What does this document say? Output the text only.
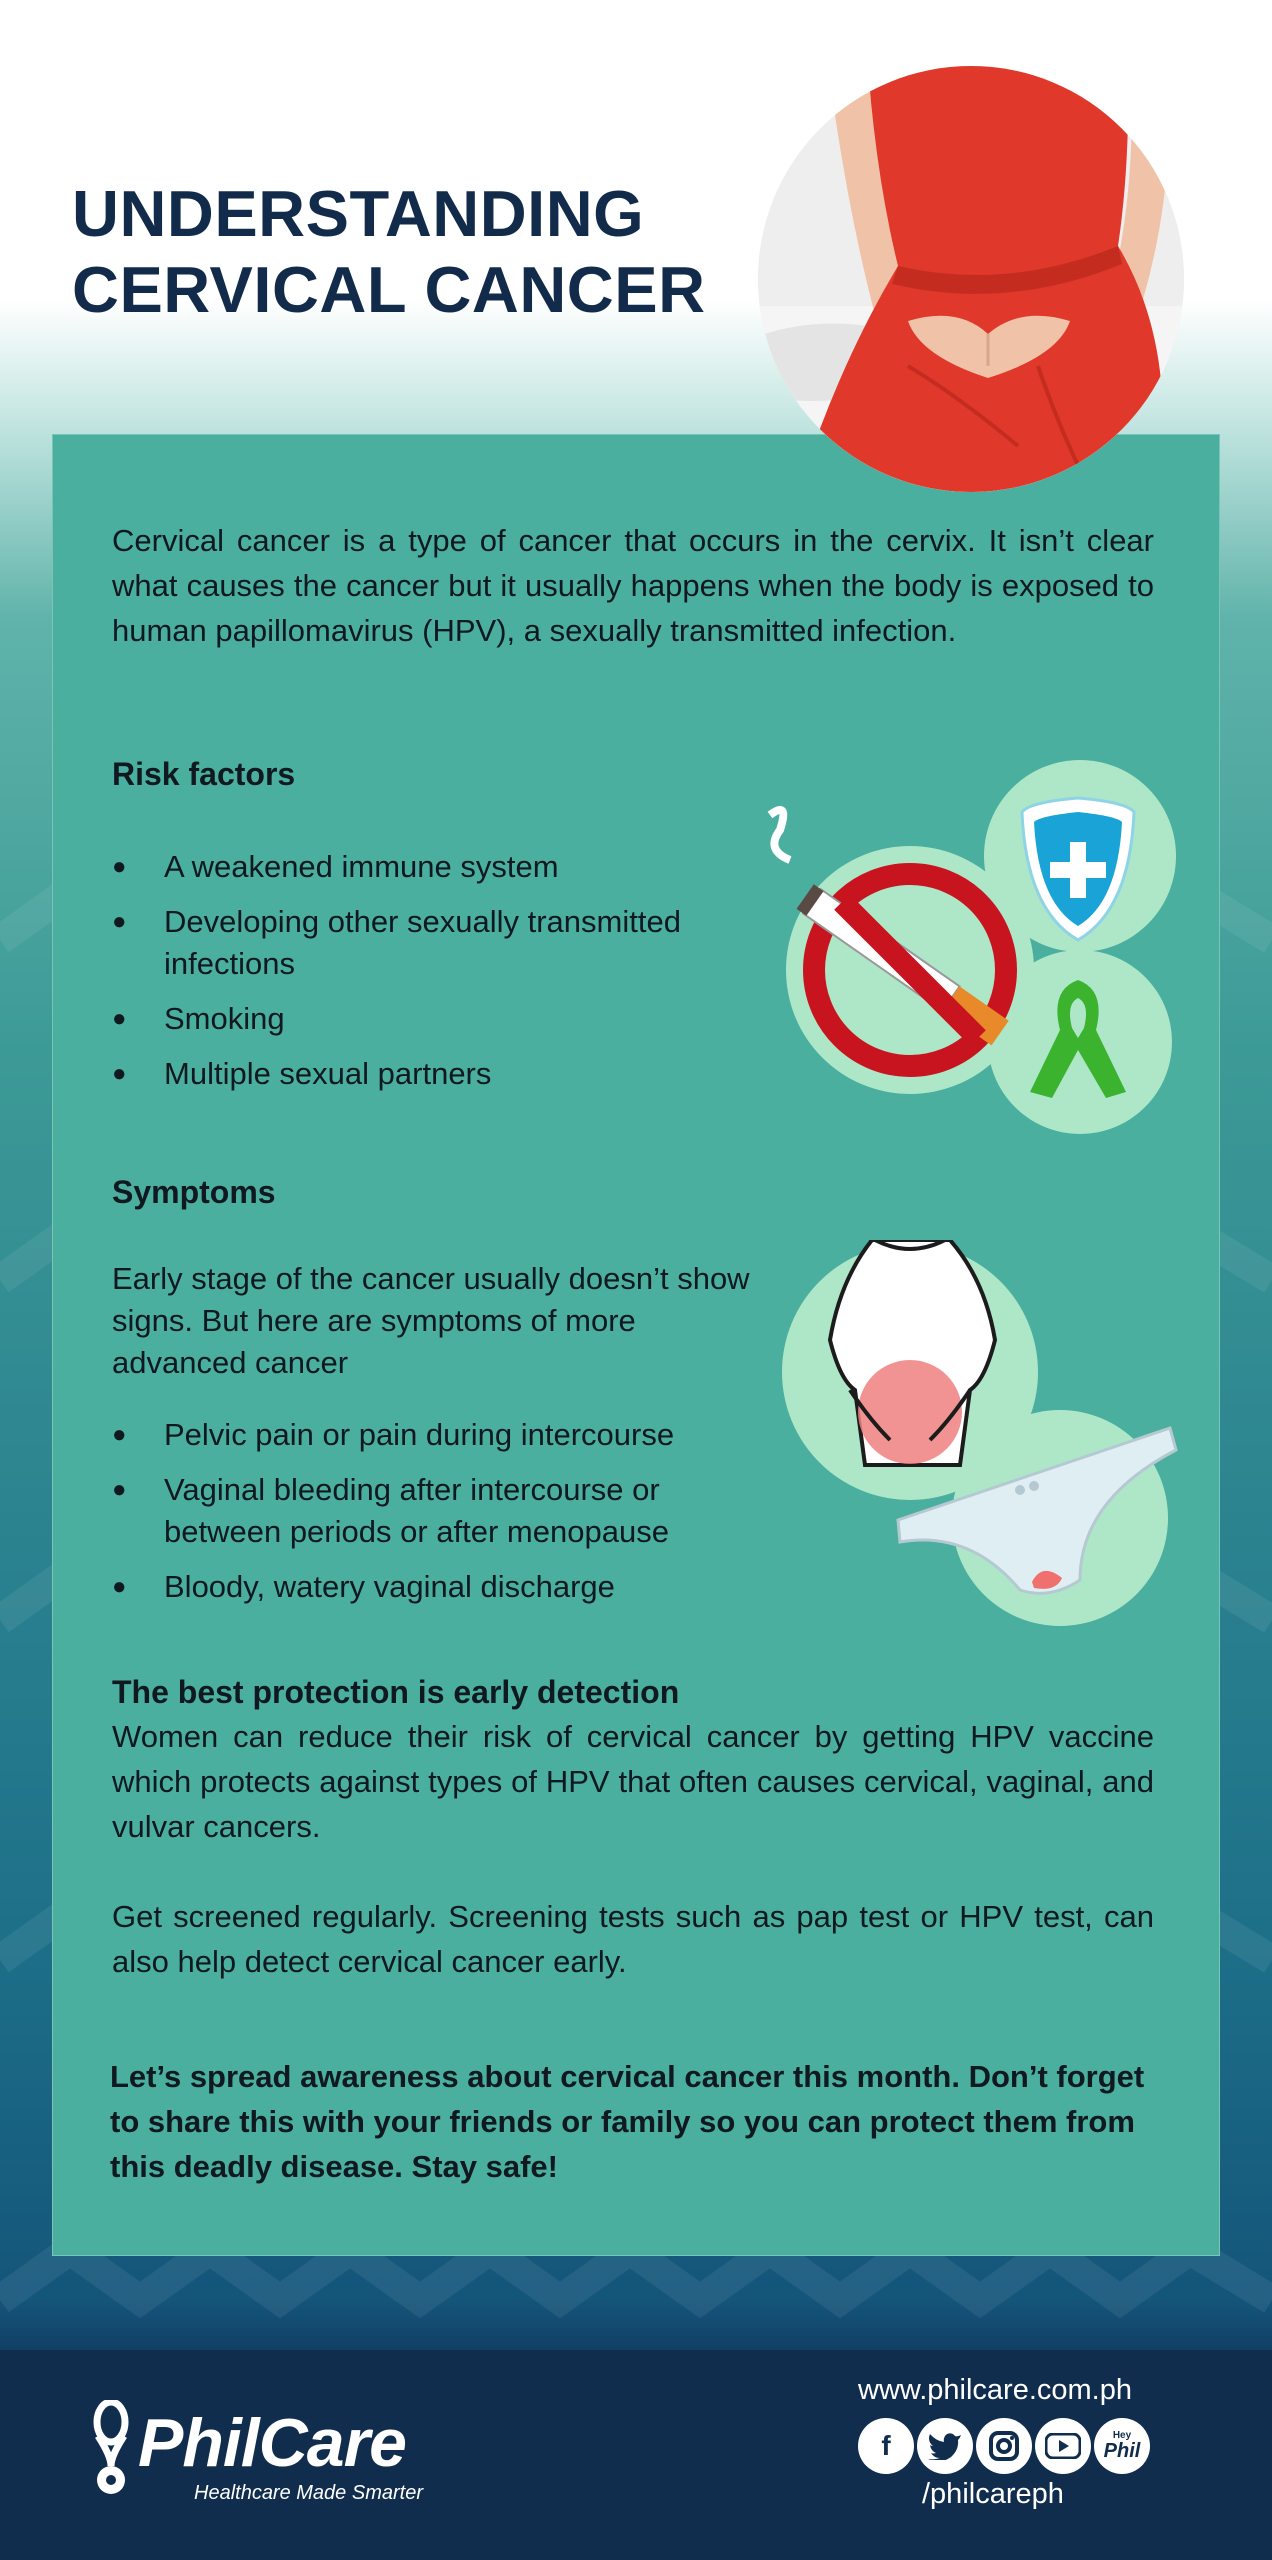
UNDERSTANDING
CERVICAL CANCER

Cervical cancer is a type of cancer that occurs in the cervix. It isn’t clear what causes the cancer but it usually happens when the body is exposed to human papillomavirus (HPV), a sexually transmitted infection.

Risk factors
● A weakened immune system
● Developing other sexually transmitted infections
● Smoking
● Multiple sexual partners
Symptoms

Early stage of the cancer usually doesn’t show signs. But here are symptoms of more advanced cancer

● Pelvic pain or pain during intercourse
● Vaginal bleeding after intercourse or between periods or after menopause
● Bloody, watery vaginal discharge
The best protection is early detection

Women can reduce their risk of cervical cancer by getting HPV vaccine which protects against types of HPV that often causes cervical, vaginal, and vulvar cancers.

Get screened regularly. Screening tests such as pap test or HPV test, can also help detect cervical cancer early.

Let’s spread awareness about cervical cancer this month. Don’t forget to share this with your friends or family so you can protect them from this deadly disease. Stay safe!

PhilCare
Healthcare Made Smarter
www.philcare.com.ph
f	Hey
Phil
/philcareph
